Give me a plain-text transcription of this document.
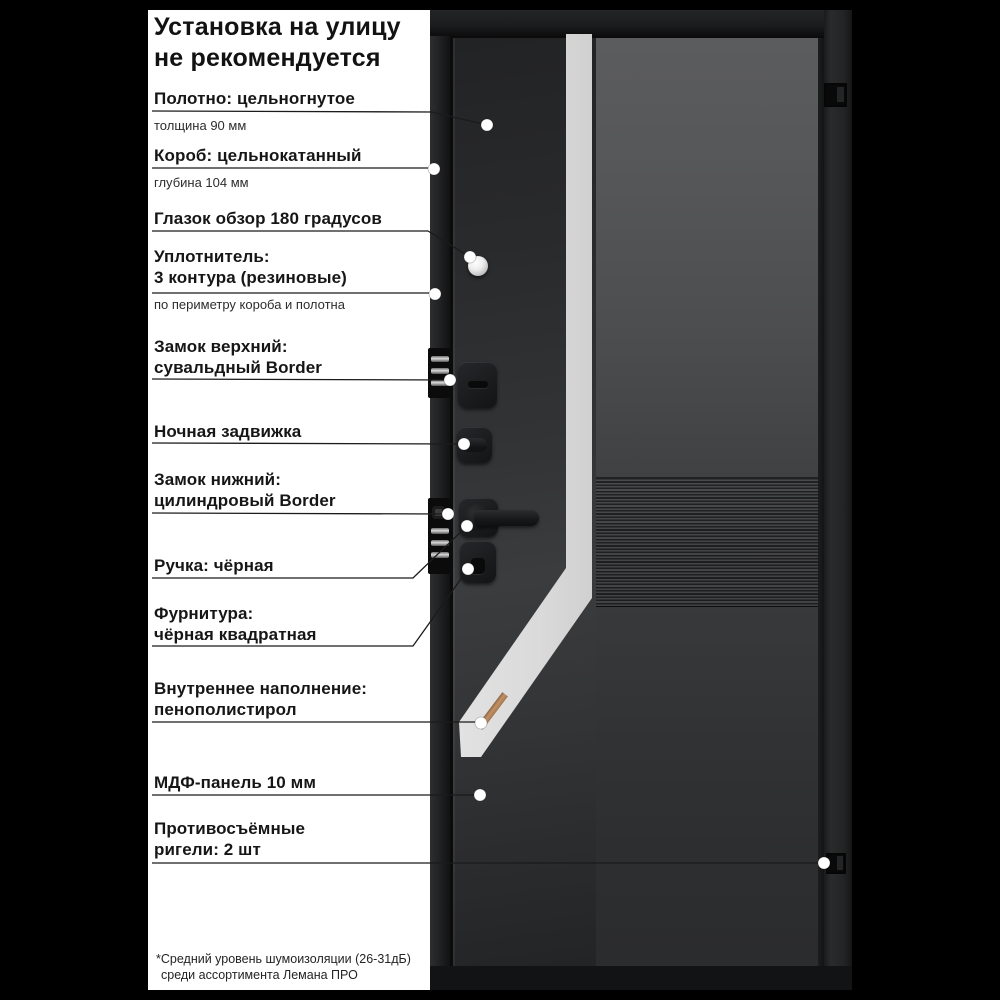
Установка на улицу
не рекомендуется
Полотно: цельногнутое
толщина 90 мм
Короб: цельнокатанный
глубина 104 мм
Глазок обзор 180 градусов
Уплотнитель:
3 контура (резиновые)
по периметру короба и полотна
Замок верхний:
сувальдный Border
Ночная задвижка
Замок нижний:
цилиндровый Border
Ручка: чёрная
Фурнитура:
чёрная квадратная
Внутреннее наполнение:
пенополистирол
МДФ-панель 10 мм
Противосъёмные
ригели: 2 шт
*Средний уровень шумоизоляции (26-31дБ)
среди ассортимента Лемана ПРО
